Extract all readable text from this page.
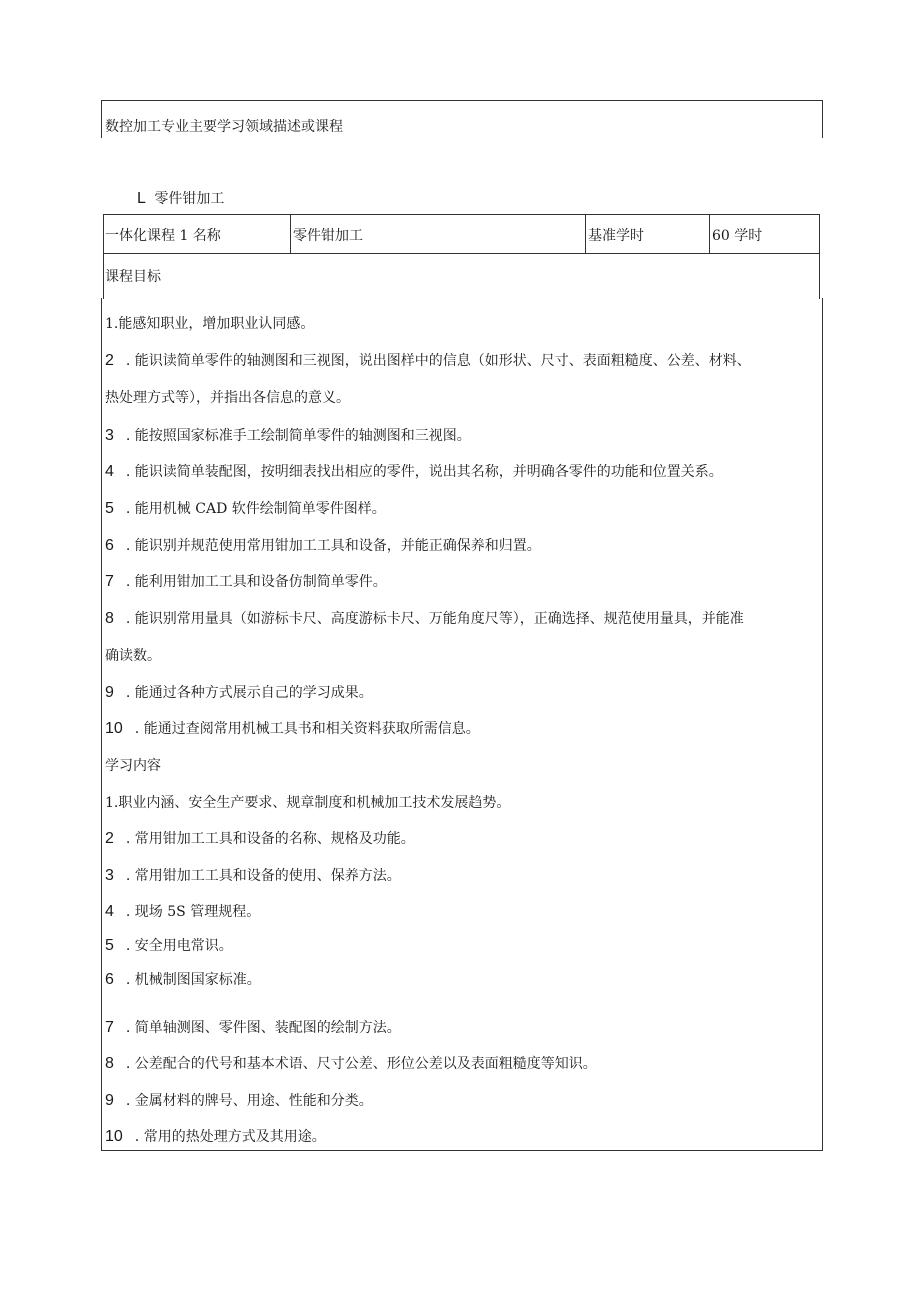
数控加工专业主要学习领域描述或课程
L 零件钳加工
一体化课程 1 名称	零件钳加工	基准学时	60 学时
课程目标
1.能感知职业，增加职业认同感。
2 . 能识读简单零件的轴测图和三视图，说出图样中的信息（如形状、尺寸、表面粗糙度、公差、材料、
热处理方式等），并指出各信息的意义。
3 . 能按照国家标准手工绘制简单零件的轴测图和三视图。
4 . 能识读简单装配图，按明细表找出相应的零件，说出其名称，并明确各零件的功能和位置关系。
5 . 能用机械 CAD 软件绘制简单零件图样。
6 . 能识别并规范使用常用钳加工工具和设备，并能正确保养和归置。
7 . 能利用钳加工工具和设备仿制简单零件。
8 . 能识别常用量具（如游标卡尺、高度游标卡尺、万能角度尺等），正确选择、规范使用量具，并能准
确读数。
9 . 能通过各种方式展示自己的学习成果。
10 . 能通过查阅常用机械工具书和相关资料获取所需信息。
学习内容
1.职业内涵、安全生产要求、规章制度和机械加工技术发展趋势。
2 . 常用钳加工工具和设备的名称、规格及功能。
3 . 常用钳加工工具和设备的使用、保养方法。
4 . 现场 5S 管理规程。
5 . 安全用电常识。
6 . 机械制图国家标准。
7 . 简单轴测图、零件图、装配图的绘制方法。
8 . 公差配合的代号和基本术语、尺寸公差、形位公差以及表面粗糙度等知识。
9 . 金属材料的牌号、用途、性能和分类。
10 . 常用的热处理方式及其用途。
